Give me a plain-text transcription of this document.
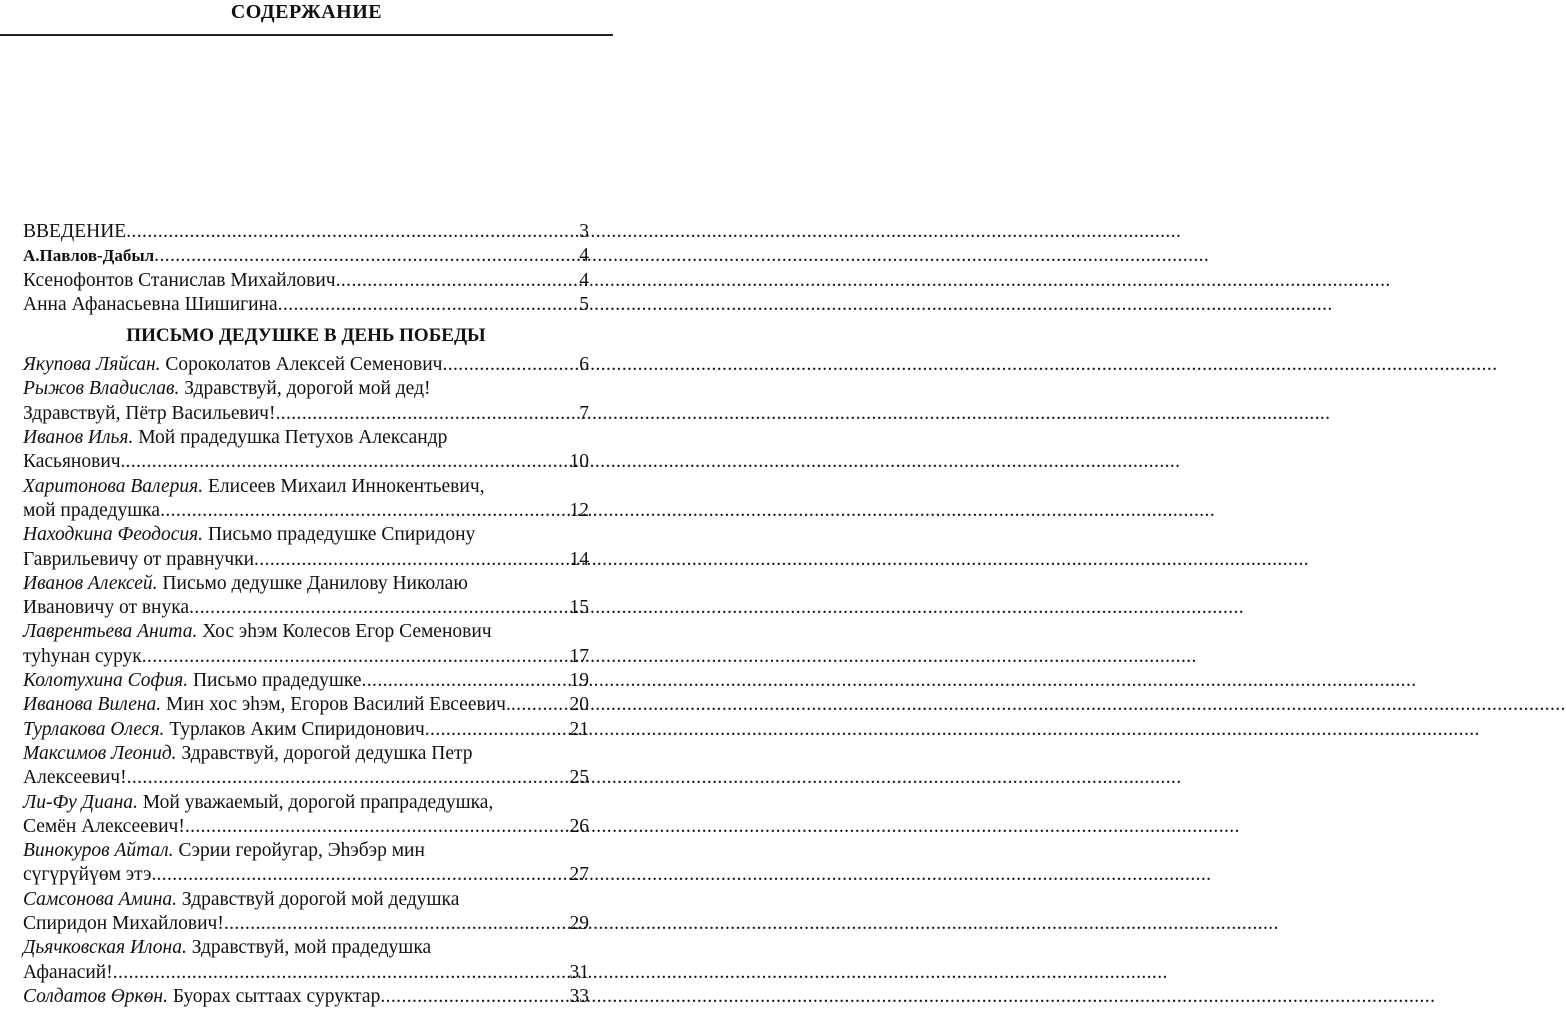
СОДЕРЖАНИЕ
ВВЕДЕНИЕ .....	3
А.Павлов-Дабыл .....	4
Ксенофонтов Станислав Михайлович .....	4
Анна Афанасьевна Шишигина .....	5
ПИСЬМО ДЕДУШКЕ В ДЕНЬ ПОБЕДЫ
Якупова Ляйсан. Сороколатов Алексей Семенович .....	6
Рыжов Владислав. Здравствуй, дорогой мой дед!
Здравствуй, Пётр Васильевич! .....	7
Иванов Илья. Мой прадедушка Петухов Александр
Касьянович. .....	10
Харитонова Валерия. Елисеев Михаил Иннокентьевич,
мой прадедушка .....	12
Находкина Феодосия. Письмо прадедушке Спиридону
Гаврильевичу от правнучки .....	14
Иванов Алексей. Письмо дедушке Данилову Николаю
Ивановичу от внука .....	15
Лаврентьева Анита. Хос эһэм Колесов Егор Семенович
туһунан сурук .....	17
Колотухина София. Письмо прадедушке .....	19
Иванова Вилена. Мин хос эһэм, Егоров Василий Евсеевич. .....	20
Турлакова Олеся. Турлаков Аким Спиридонович .....	21
Максимов Леонид. Здравствуй, дорогой дедушка Петр
Алексеевич! .....	25
Ли-Фу Диана. Мой уважаемый, дорогой прапрадедушка,
Семён Алексеевич! .....	26
Винокуров Айтал. Сэрии геройугар, Эһэбэр мин
сүгүрүйүөм этэ. .....	27
Самсонова Амина. Здравствуй дорогой мой дедушка
Спиридон Михайлович! .....	29
Дьячковская Илона. Здравствуй, мой прадедушка
Афанасий! .....	31
Солдатов Өркөн. Буорах сыттаах суруктар .....	33
